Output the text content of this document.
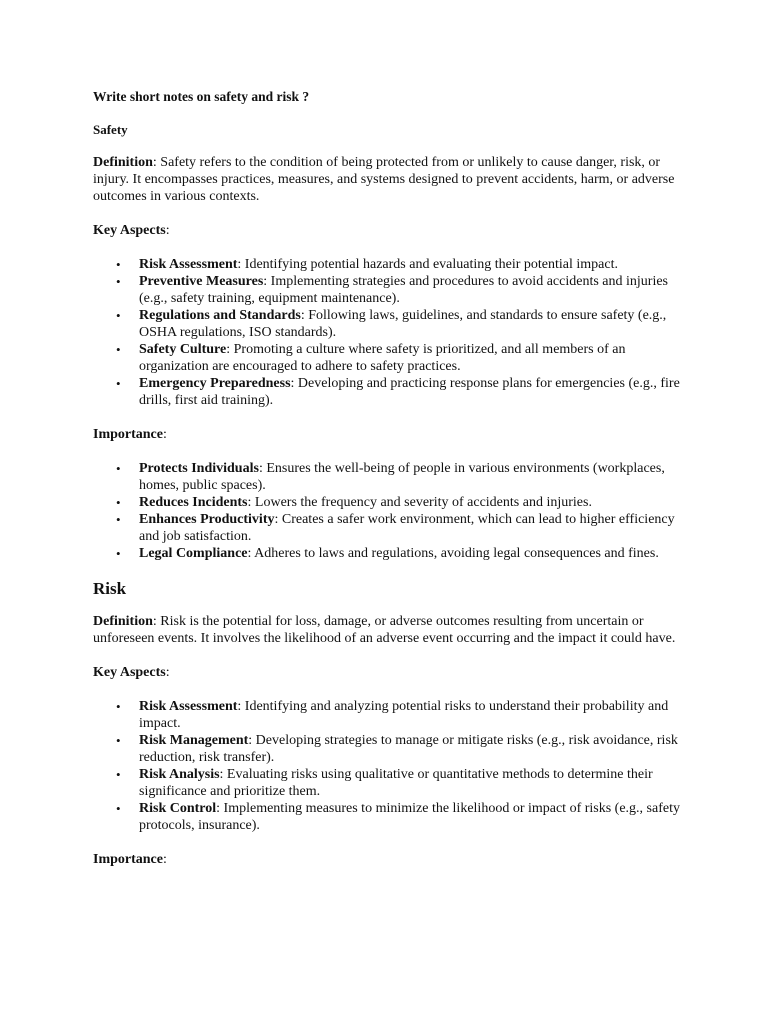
Write short notes on safety and risk ?
Safety

Definition: Safety refers to the condition of being protected from or unlikely to cause danger, risk, or injury. It encompasses practices, measures, and systems designed to prevent accidents, harm, or adverse outcomes in various contexts.

Key Aspects:

• Risk Assessment: Identifying potential hazards and evaluating their potential impact.
• Preventive Measures: Implementing strategies and procedures to avoid accidents and injuries (e.g., safety training, equipment maintenance).
• Regulations and Standards: Following laws, guidelines, and standards to ensure safety (e.g., OSHA regulations, ISO standards).
• Safety Culture: Promoting a culture where safety is prioritized, and all members of an organization are encouraged to adhere to safety practices.
• Emergency Preparedness: Developing and practicing response plans for emergencies (e.g., fire drills, first aid training).

Importance:

• Protects Individuals: Ensures the well-being of people in various environments (workplaces, homes, public spaces).
• Reduces Incidents: Lowers the frequency and severity of accidents and injuries.
• Enhances Productivity: Creates a safer work environment, which can lead to higher efficiency and job satisfaction.
• Legal Compliance: Adheres to laws and regulations, avoiding legal consequences and fines.
Risk

Definition: Risk is the potential for loss, damage, or adverse outcomes resulting from uncertain or unforeseen events. It involves the likelihood of an adverse event occurring and the impact it could have.

Key Aspects:

• Risk Assessment: Identifying and analyzing potential risks to understand their probability and impact.
• Risk Management: Developing strategies to manage or mitigate risks (e.g., risk avoidance, risk reduction, risk transfer).
• Risk Analysis: Evaluating risks using qualitative or quantitative methods to determine their significance and prioritize them.
• Risk Control: Implementing measures to minimize the likelihood or impact of risks (e.g., safety protocols, insurance).

Importance:
